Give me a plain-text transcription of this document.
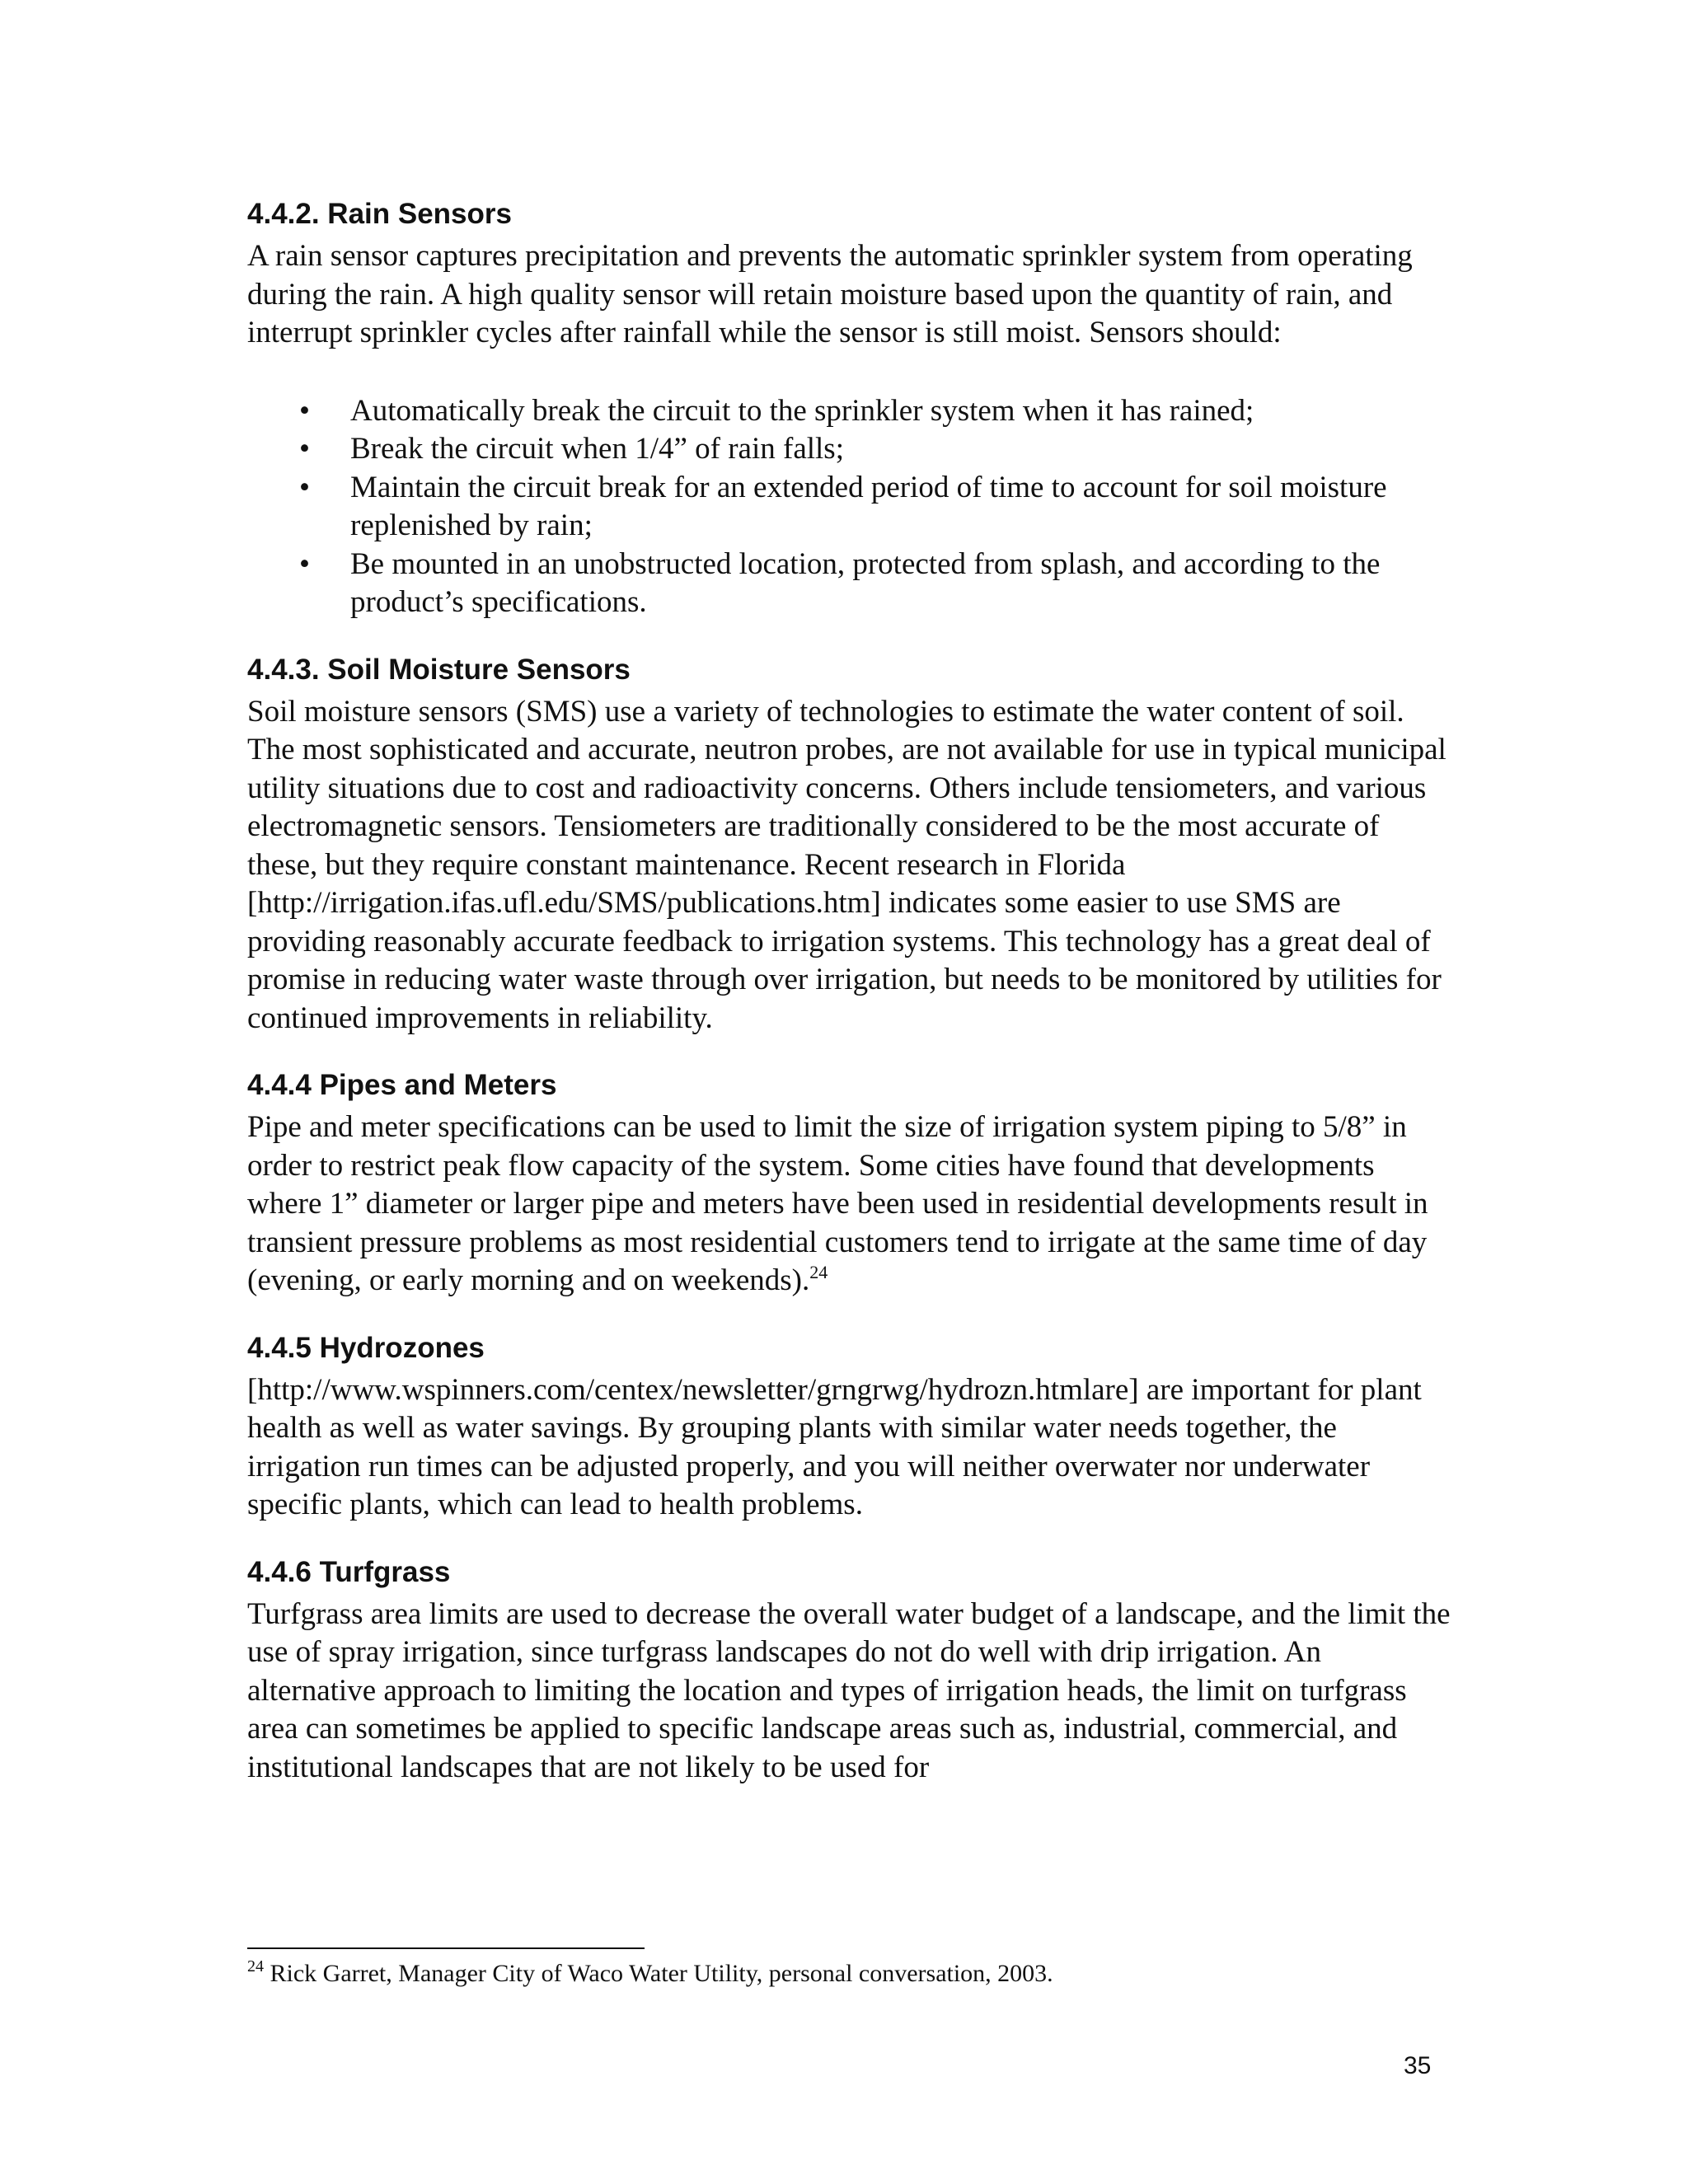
4.4.2. Rain Sensors

A rain sensor captures precipitation and prevents the automatic sprinkler system from operating during the rain. A high quality sensor will retain moisture based upon the quantity of rain, and interrupt sprinkler cycles after rainfall while the sensor is still moist. Sensors should:

• Automatically break the circuit to the sprinkler system when it has rained;
• Break the circuit when 1/4” of rain falls;
• Maintain the circuit break for an extended period of time to account for soil moisture replenished by rain;
• Be mounted in an unobstructed location, protected from splash, and according to the product’s specifications.
4.4.3. Soil Moisture Sensors

Soil moisture sensors (SMS) use a variety of technologies to estimate the water content of soil. The most sophisticated and accurate, neutron probes, are not available for use in typical municipal utility situations due to cost and radioactivity concerns. Others include tensiometers, and various electromagnetic sensors. Tensiometers are traditionally considered to be the most accurate of these, but they require constant maintenance. Recent research in Florida [http://irrigation.ifas.ufl.edu/SMS/publications.htm] indicates some easier to use SMS are providing reasonably accurate feedback to irrigation systems. This technology has a great deal of promise in reducing water waste through over irrigation, but needs to be monitored by utilities for continued improvements in reliability.

4.4.4 Pipes and Meters

Pipe and meter specifications can be used to limit the size of irrigation system piping to 5/8” in order to restrict peak flow capacity of the system. Some cities have found that developments where 1” diameter or larger pipe and meters have been used in residential developments result in transient pressure problems as most residential customers tend to irrigate at the same time of day (evening, or early morning and on weekends).$^{24}$

4.4.5 Hydrozones

[http://www.wspinners.com/centex/newsletter/grngrwg/hydrozn.htmlare] are important for plant health as well as water savings. By grouping plants with similar water needs together, the irrigation run times can be adjusted properly, and you will neither overwater nor underwater specific plants, which can lead to health problems.

4.4.6 Turfgrass

Turfgrass area limits are used to decrease the overall water budget of a landscape, and the limit the use of spray irrigation, since turfgrass landscapes do not do well with drip irrigation. An alternative approach to limiting the location and types of irrigation heads, the limit on turfgrass area can sometimes be applied to specific landscape areas such as, industrial, commercial, and institutional landscapes that are not likely to be used for

$^{24}$ Rick Garret, Manager City of Waco Water Utility, personal conversation, 2003.
35
